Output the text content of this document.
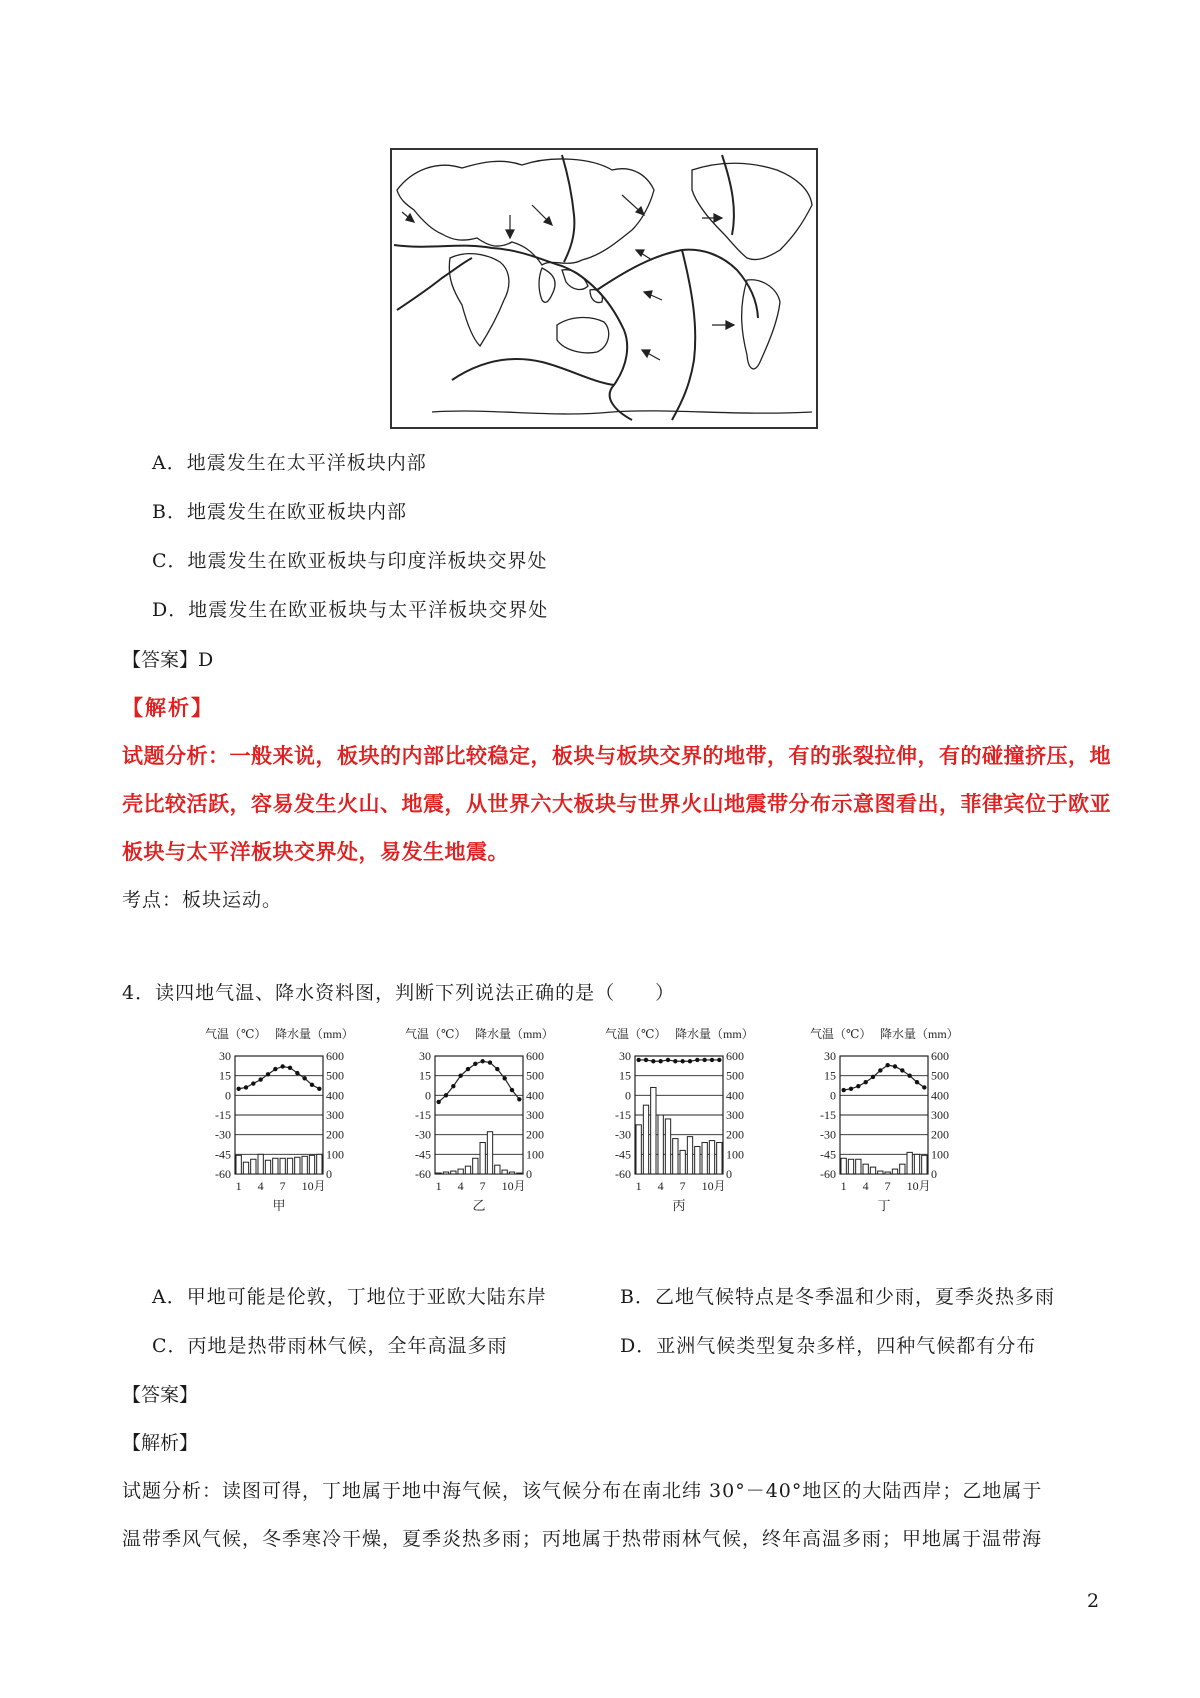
A．地震发生在太平洋板块内部
B．地震发生在欧亚板块内部
C．地震发生在欧亚板块与印度洋板块交界处
D．地震发生在欧亚板块与太平洋板块交界处
【答案】D
【解析】
试题分析：一般来说，板块的内部比较稳定，板块与板块交界的地带，有的张裂拉伸，有的碰撞挤压，地
壳比较活跃，容易发生火山、地震，从世界六大板块与世界火山地震带分布示意图看出，菲律宾位于欧亚
板块与太平洋板块交界处，易发生地震。
考点：板块运动。
4．读四地气温、降水资料图，判断下列说法正确的是（　　）
气温（℃） 降水量（mm）
30
15
0
-15
-30
-45
-60
600
500
400
300
200
100
0
1 4 7 10月
甲
气温（℃） 降水量（mm）
30
15
0
-15
-30
-45
-60
600
500
400
300
200
100
0
1 4 7 10月
乙
气温（℃） 降水量（mm）
30
15
0
-15
-30
-45
-60
600
500
400
300
200
100
0
1 4 7 10月
丙
气温（℃） 降水量（mm）
30
15
0
-15
-30
-45
-60
600
500
400
300
200
100
0
1 4 7 10月
丁
A．甲地可能是伦敦，丁地位于亚欧大陆东岸	B．乙地气候特点是冬季温和少雨，夏季炎热多雨
C．丙地是热带雨林气候，全年高温多雨	D．亚洲气候类型复杂多样，四种气候都有分布
【答案】
【解析】
试题分析：读图可得，丁地属于地中海气候，该气候分布在南北纬 30°－40°地区的大陆西岸；乙地属于
温带季风气候，冬季寒冷干燥，夏季炎热多雨；丙地属于热带雨林气候，终年高温多雨；甲地属于温带海
2
